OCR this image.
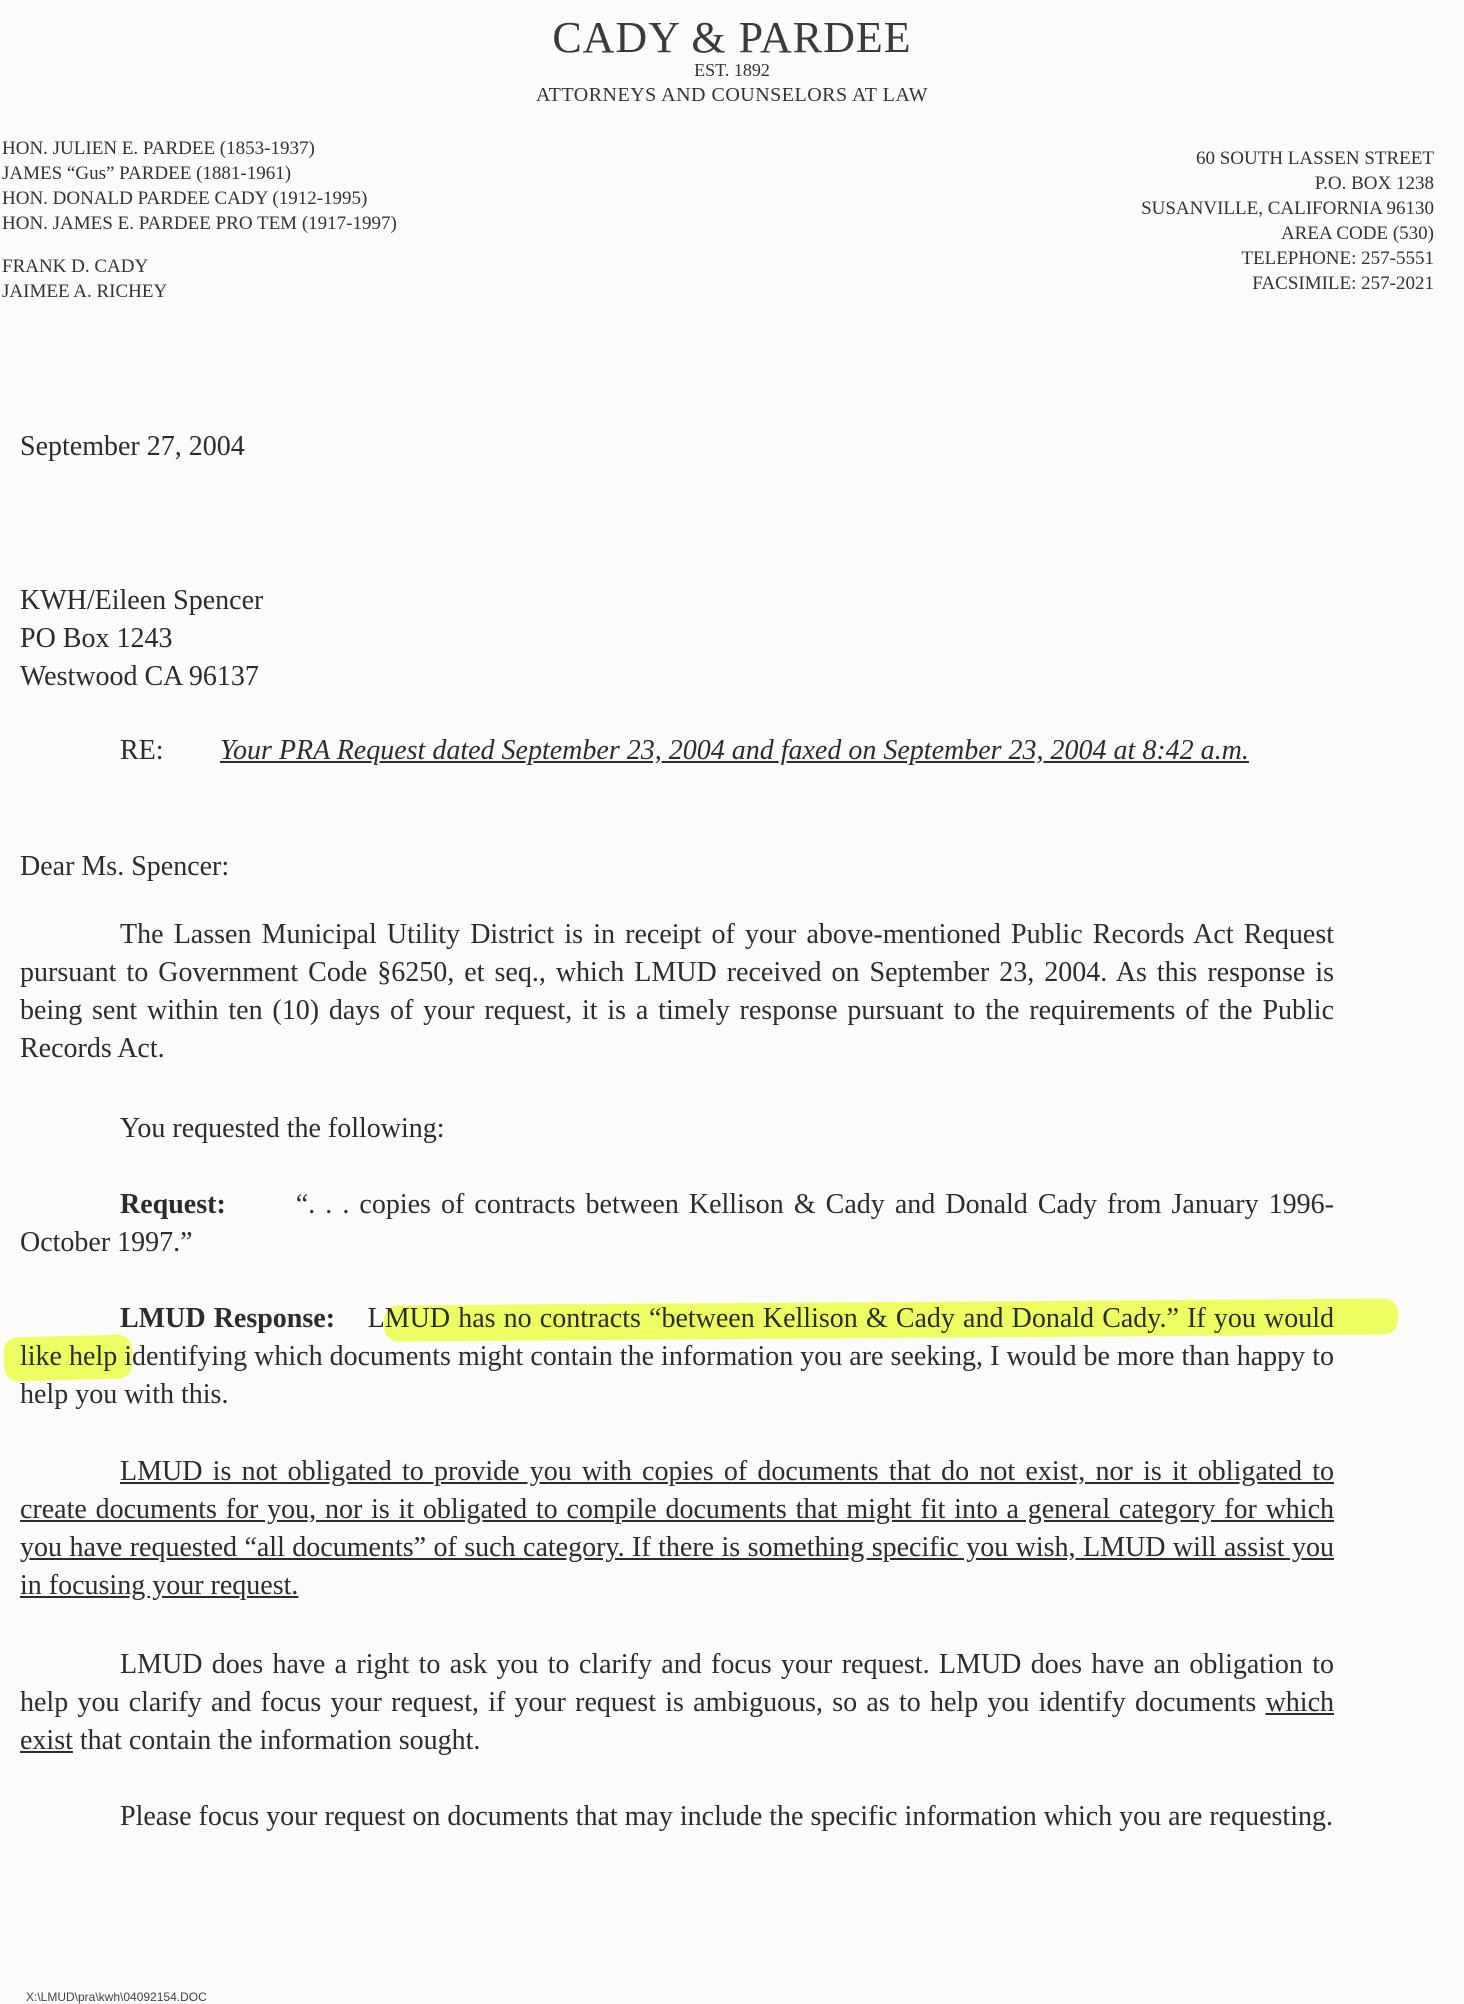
CADY & PARDEE
EST. 1892
ATTORNEYS AND COUNSELORS AT LAW
HON. JULIEN E. PARDEE (1853-1937)
JAMES “Gus” PARDEE (1881-1961)
HON. DONALD PARDEE CADY (1912-1995)
HON. JAMES E. PARDEE PRO TEM (1917-1997)
FRANK D. CADY
JAIMEE A. RICHEY
60 SOUTH LASSEN STREET
P.O. BOX 1238
SUSANVILLE, CALIFORNIA 96130
AREA CODE (530)
TELEPHONE: 257-5551
FACSIMILE: 257-2021
September 27, 2004
KWH/Eileen Spencer
PO Box 1243
Westwood CA 96137
RE: Your PRA Request dated September 23, 2004 and faxed on September 23, 2004 at 8:42 a.m.
Dear Ms. Spencer:
The Lassen Municipal Utility District is in receipt of your above-mentioned Public Records Act Request pursuant to Government Code §6250, et seq., which LMUD received on September 23, 2004. As this response is being sent within ten (10) days of your request, it is a timely response pursuant to the requirements of the Public Records Act.
You requested the following:
Request:	“. . . copies of contracts between Kellison & Cady and Donald Cady from January 1996-October 1997.”
LMUD Response: LMUD has no contracts “between Kellison & Cady and Donald Cady.” If you would like help identifying which documents might contain the information you are seeking, I would be more than happy to help you with this.
LMUD is not obligated to provide you with copies of documents that do not exist, nor is it obligated to create documents for you, nor is it obligated to compile documents that might fit into a general category for which you have requested “all documents” of such category. If there is something specific you wish, LMUD will assist you in focusing your request.
LMUD does have a right to ask you to clarify and focus your request. LMUD does have an obligation to help you clarify and focus your request, if your request is ambiguous, so as to help you identify documents which exist that contain the information sought.
Please focus your request on documents that may include the specific information which you are requesting.
X:\LMUD\pra\kwh\04092154.DOC
